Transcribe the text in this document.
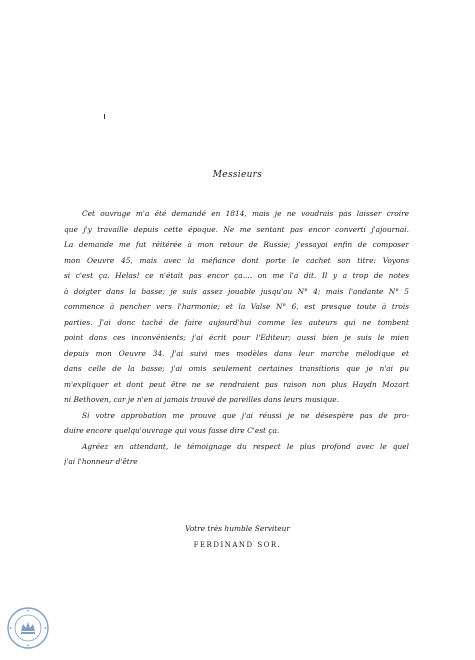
Messieurs
Cet ouvrage m'a été demandé en 1814, mais je ne voudrais pas laisser croire
que j'y travaille depuis cette époque. Ne me sentant pas encor converti j'ajournai.
La demande me fut réitérée à mon retour de Russie; j'essayai enfin de composer
mon Oeuvre 45, mais avec la méfiance dont porte le cachet son titre: Voyons
si c'est ça. Helas! ce n'était pas encor ça.... on me l'a dit. Il y a trop de notes
à doigter dans la basse; je suis assez jouable jusqu'au N° 4; mais l'andante N° 5
commence à pencher vers l'harmonie; et la Valse N° 6, est presque toute à trois
parties. J'ai donc taché de faire aujourd'hui comme les auteurs qui ne tombent
point dans ces inconvénients; j'ai écrit pour l'Editeur; aussi bien je suis le mien
depuis mon Oeuvre 34. J'ai suivi mes modèles dans leur marche mélodique et
dans celle de la basse; j'ai omis seulement certaines transitions que je n'ai pu
m'expliquer et dont peut être ne se rendraient pas raison non plus Haydn Mozart
ni Bethoven, car je n'en ai jamais trouvé de pareilles dans leurs musique.
Si votre approbation me prouve que j'ai réussi je ne désespère pas de pro-
duire encore quelqu'ouvrage qui vous fasse dire C'est ça.
Agréez en attendant, le témoignage du respect le plus profond avec le quel
j'ai l'honneur d'être
Votre très humble Serviteur
FERDINAND SOR.
